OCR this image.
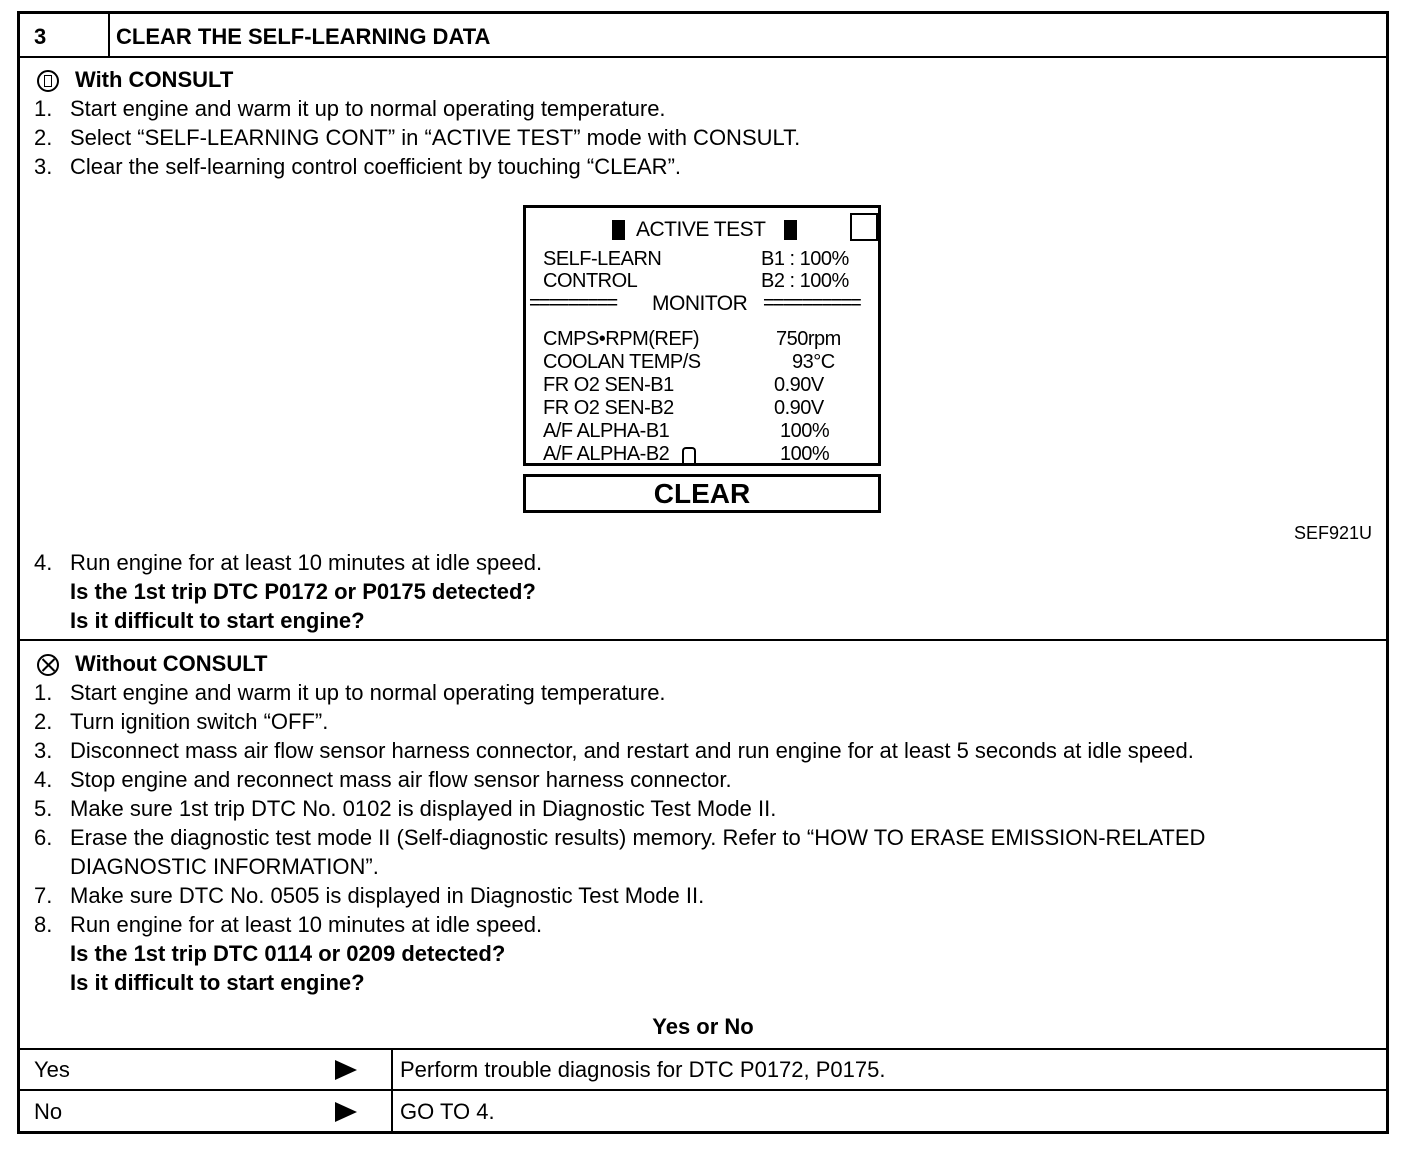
3	CLEAR THE SELF-LEARNING DATA
With CONSULT
1. Start engine and warm it up to normal operating temperature.
2. Select “SELF-LEARNING CONT” in “ACTIVE TEST” mode with CONSULT.
3. Clear the self-learning control coefficient by touching “CLEAR”.
ACTIVE TEST
SELF-LEARN	B1 : 100%
CONTROL	B2 : 100%
========= MONITOR ==========
CMPS•RPM(REF)	750rpm
COOLAN TEMP/S	93°C
FR O2 SEN-B1	0.90V
FR O2 SEN-B2	0.90V
A/F ALPHA-B1	100%
A/F ALPHA-B2	100%
CLEAR
SEF921U
4. Run engine for at least 10 minutes at idle speed.
Is the 1st trip DTC P0172 or P0175 detected?
Is it difficult to start engine?
Without CONSULT
1. Start engine and warm it up to normal operating temperature.
2. Turn ignition switch “OFF”.
3. Disconnect mass air flow sensor harness connector, and restart and run engine for at least 5 seconds at idle speed.
4. Stop engine and reconnect mass air flow sensor harness connector.
5. Make sure 1st trip DTC No. 0102 is displayed in Diagnostic Test Mode II.
6. Erase the diagnostic test mode II (Self-diagnostic results) memory. Refer to “HOW TO ERASE EMISSION-RELATED
DIAGNOSTIC INFORMATION”.
7. Make sure DTC No. 0505 is displayed in Diagnostic Test Mode II.
8. Run engine for at least 10 minutes at idle speed.
Is the 1st trip DTC 0114 or 0209 detected?
Is it difficult to start engine?
Yes or No
Yes	Perform trouble diagnosis for DTC P0172, P0175.
No	GO TO 4.
